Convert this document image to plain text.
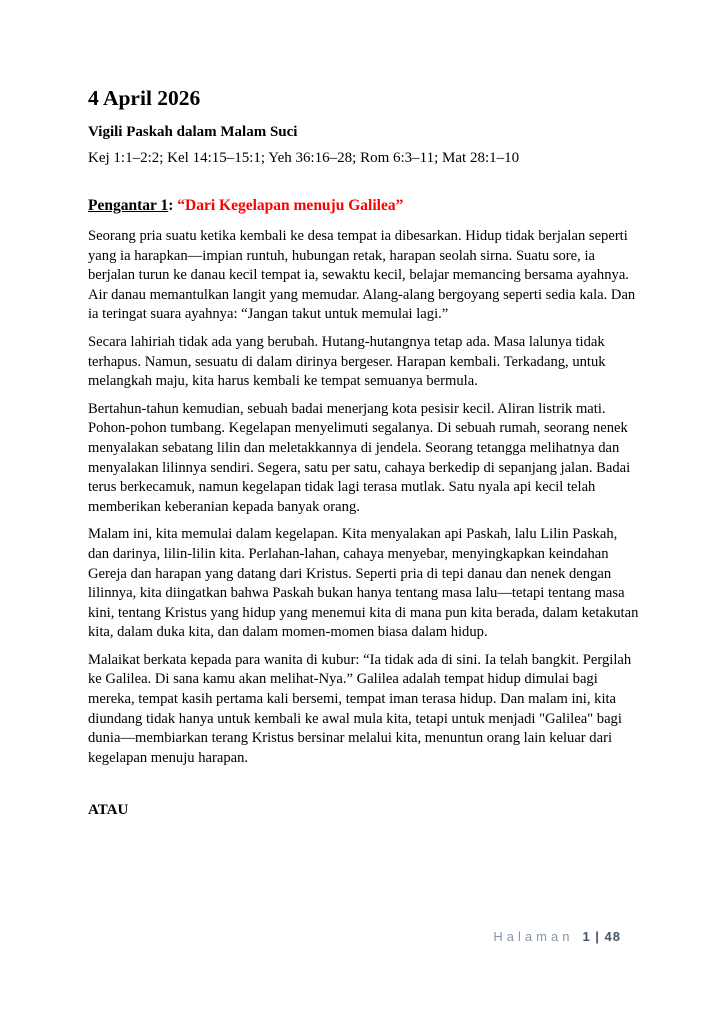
4 April 2026
Vigili Paskah dalam Malam Suci
Kej 1:1–2:2; Kel 14:15–15:1; Yeh 36:16–28; Rom 6:3–11; Mat 28:1–10
Pengantar 1: “Dari Kegelapan menuju Galilea”

Seorang pria suatu ketika kembali ke desa tempat ia dibesarkan. Hidup tidak berjalan seperti yang ia harapkan—impian runtuh, hubungan retak, harapan seolah sirna. Suatu sore, ia berjalan turun ke danau kecil tempat ia, sewaktu kecil, belajar memancing bersama ayahnya. Air danau memantulkan langit yang memudar. Alang-alang bergoyang seperti sedia kala. Dan ia teringat suara ayahnya: “Jangan takut untuk memulai lagi.”

Secara lahiriah tidak ada yang berubah. Hutang-hutangnya tetap ada. Masa lalunya tidak terhapus. Namun, sesuatu di dalam dirinya bergeser. Harapan kembali. Terkadang, untuk melangkah maju, kita harus kembali ke tempat semuanya bermula.

Bertahun-tahun kemudian, sebuah badai menerjang kota pesisir kecil. Aliran listrik mati. Pohon-pohon tumbang. Kegelapan menyelimuti segalanya. Di sebuah rumah, seorang nenek menyalakan sebatang lilin dan meletakkannya di jendela. Seorang tetangga melihatnya dan menyalakan lilinnya sendiri. Segera, satu per satu, cahaya berkedip di sepanjang jalan. Badai terus berkecamuk, namun kegelapan tidak lagi terasa mutlak. Satu nyala api kecil telah memberikan keberanian kepada banyak orang.

Malam ini, kita memulai dalam kegelapan. Kita menyalakan api Paskah, lalu Lilin Paskah, dan darinya, lilin-lilin kita. Perlahan-lahan, cahaya menyebar, menyingkapkan keindahan Gereja dan harapan yang datang dari Kristus. Seperti pria di tepi danau dan nenek dengan lilinnya, kita diingatkan bahwa Paskah bukan hanya tentang masa lalu—tetapi tentang masa kini, tentang Kristus yang hidup yang menemui kita di mana pun kita berada, dalam ketakutan kita, dalam duka kita, dan dalam momen-momen biasa dalam hidup.

Malaikat berkata kepada para wanita di kubur: “Ia tidak ada di sini. Ia telah bangkit. Pergilah ke Galilea. Di sana kamu akan melihat-Nya.” Galilea adalah tempat hidup dimulai bagi mereka, tempat kasih pertama kali bersemi, tempat iman terasa hidup. Dan malam ini, kita diundang tidak hanya untuk kembali ke awal mula kita, tetapi untuk menjadi "Galilea" bagi dunia—membiarkan terang Kristus bersinar melalui kita, menuntun orang lain keluar dari kegelapan menuju harapan.

ATAU
Halaman 1 | 48
